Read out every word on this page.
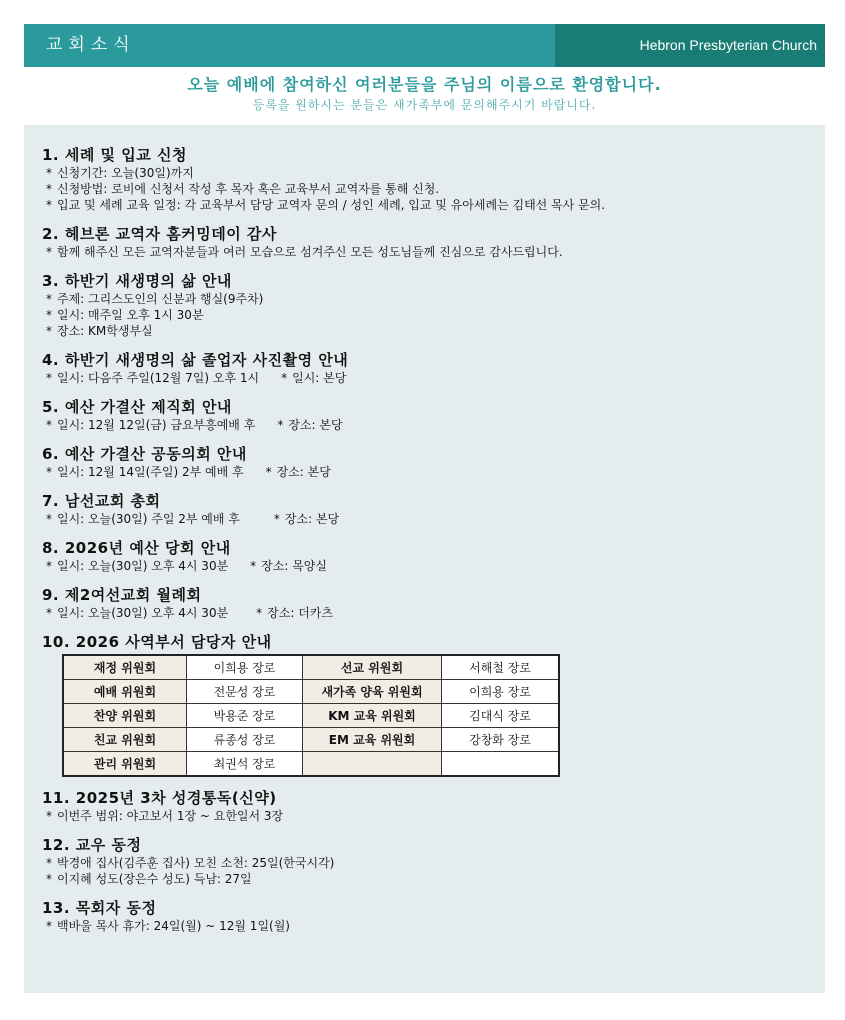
교회소식	Hebron Presbyterian Church
오늘 예배에 참여하신 여러분들을 주님의 이름으로 환영합니다.
등록을 원하시는 분들은 새가족부에 문의해주시기 바랍니다.
1. 세례 및 입교 신청
* 신청기간: 오늘(30일)까지
* 신청방법: 로비에 신청서 작성 후 목자 혹은 교육부서 교역자를 통해 신청.
* 입교 및 세례 교육 일정: 각 교육부서 담당 교역자 문의 / 성인 세례, 입교 및 유아세례는 김태선 목사 문의.
2. 헤브론 교역자 홈커밍데이 감사
* 함께 해주신 모든 교역자분들과 여러 모습으로 섬겨주신 모든 성도님들께 진심으로 감사드립니다.
3. 하반기 새생명의 삶 안내
* 주제: 그리스도인의 신분과 행실(9주차)
* 일시: 매주일 오후 1시 30분
* 장소: KM학생부실
4. 하반기 새생명의 삶 졸업자 사진촬영 안내
* 일시: 다음주 주일(12월 7일) 오후 1시 * 일시: 본당
5. 예산 가결산 제직회 안내
* 일시: 12월 12일(금) 금요부흥예배 후 * 장소: 본당
6. 예산 가결산 공동의회 안내
* 일시: 12월 14일(주일) 2부 예배 후 * 장소: 본당
7. 남선교회 총회
* 일시: 오늘(30일) 주일 2부 예배 후	* 장소: 본당
8. 2026년 예산 당회 안내
* 일시: 오늘(30일) 오후 4시 30분 * 장소: 목양실
9. 제2여선교회 월례회
* 일시: 오늘(30일) 오후 4시 30분 * 장소: 더카츠
10. 2026 사역부서 담당자 안내
재정 위원회	이희용 장로	선교 위원회	서해철 장로
예배 위원회	전문성 장로	새가족 양육 위원회	이희용 장로
찬양 위원회	박용준 장로	KM 교육 위원회	김대식 장로
친교 위원회	류종성 장로	EM 교육 위원회	강창화 장로
관리 위원회	최권석 장로		
11. 2025년 3차 성경통독(신약)
* 이번주 범위: 야고보서 1장 ~ 요한일서 3장
12. 교우 동정
* 박경애 집사(김주훈 집사) 모친 소천: 25일(한국시각)
* 이지혜 성도(장은수 성도) 득남: 27일
13. 목회자 동정
* 백바울 목사 휴가: 24일(월) ~ 12월 1일(월)
